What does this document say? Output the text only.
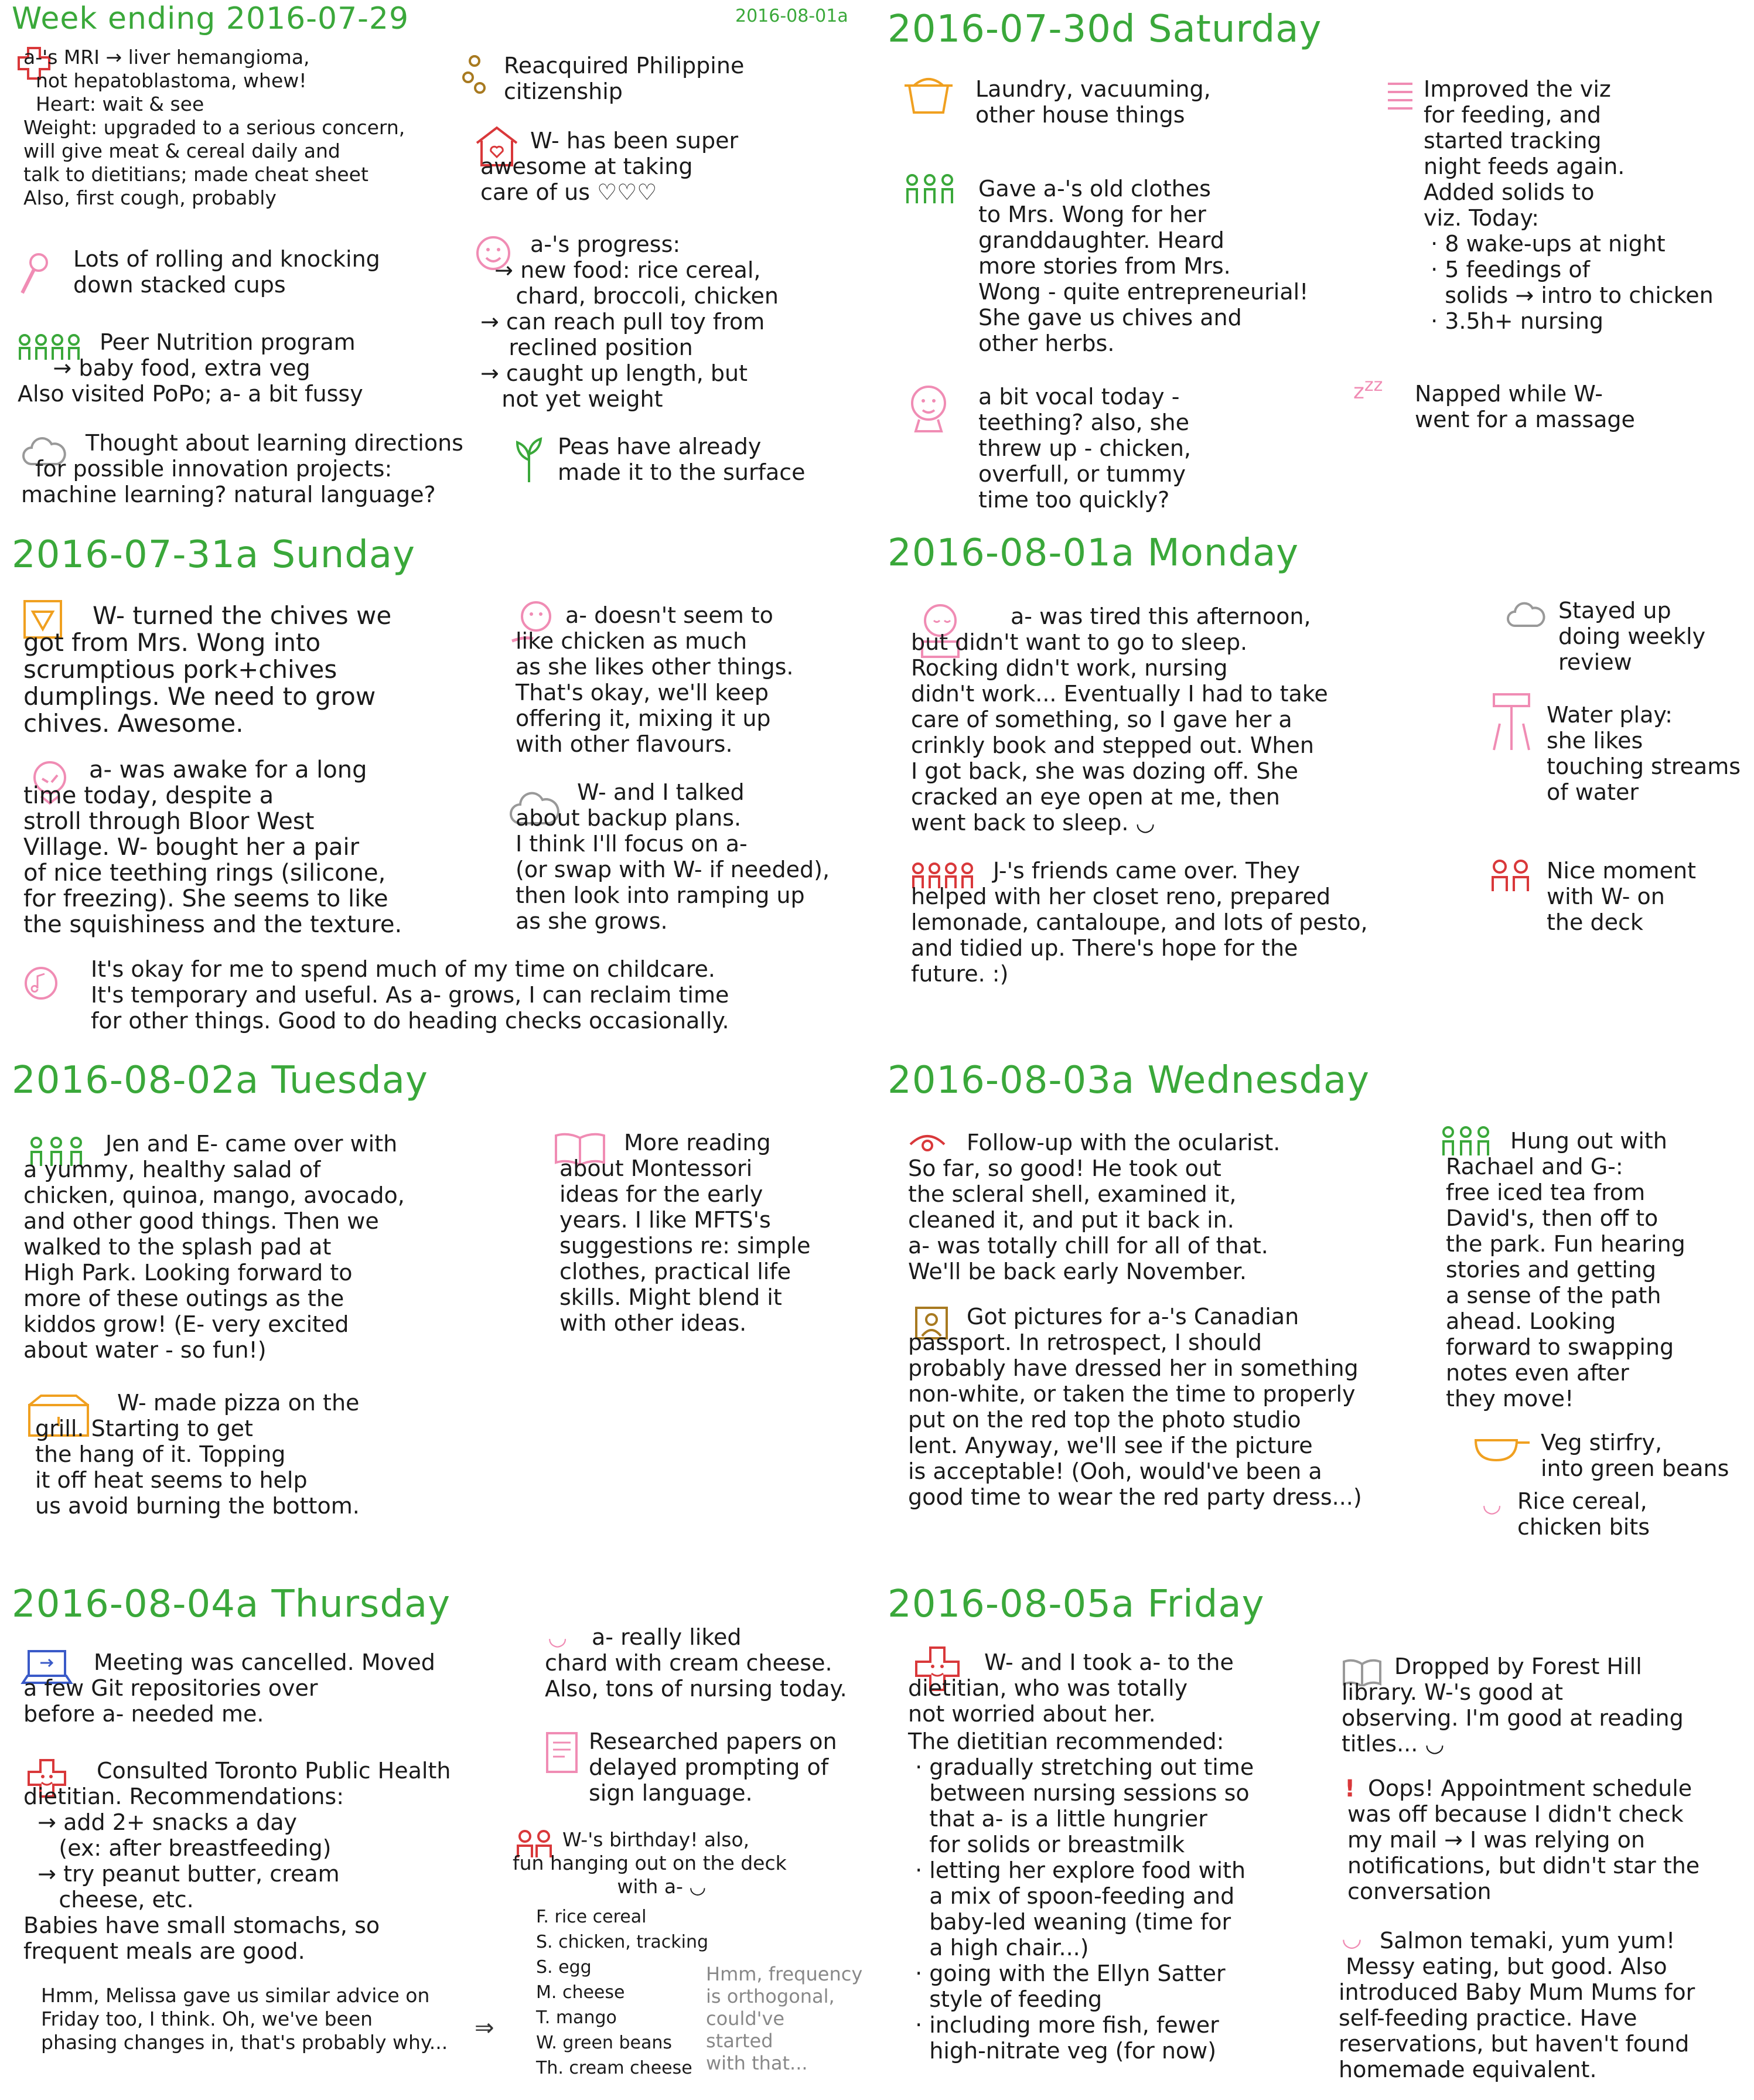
2016-08-01a
Week ending 2016-07-29
a-'s MRI → liver hemangioma,
not hepatoblastoma, whew!
Heart: wait & see
Weight: upgraded to a serious concern,
will give meat & cereal daily and
talk to dietitians; made cheat sheet
Also, first cough, probably
Lots of rolling and knocking
down stacked cups
Peer Nutrition program
→ baby food, extra veg
Also visited PoPo; a- a bit fussy
Thought about learning directions
for possible innovation projects:
machine learning? natural language?
Reacquired Philippine
citizenship
W- has been super
awesome at taking
care of us ♡♡♡
a-'s progress:
→ new food: rice cereal,
chard, broccoli, chicken
→ can reach pull toy from
reclined position
→ caught up length, but
not yet weight
Peas have already
made it to the surface
2016-07-30d Saturday
Laundry, vacuuming,
other house things
Gave a-'s old clothes
to Mrs. Wong for her
granddaughter. Heard
more stories from Mrs.
Wong - quite entrepreneurial!
She gave us chives and
other herbs.
a bit vocal today -
teething? also, she
threw up - chicken,
overfull, or tummy
time too quickly?
Improved the viz
for feeding, and
started tracking
night feeds again.
Added solids to
viz. Today:
· 8 wake-ups at night
· 5 feedings of
solids → intro to chicken
· 3.5h+ nursing
$z^{zz}$ Napped while W-
went for a massage
2016-07-31a Sunday
W- turned the chives we
got from Mrs. Wong into
scrumptious pork+chives
dumplings. We need to grow
chives. Awesome.
a- was awake for a long
time today, despite a
stroll through Bloor West
Village. W- bought her a pair
of nice teething rings (silicone,
for freezing). She seems to like
the squishiness and the texture.
a- doesn't seem to
like chicken as much
as she likes other things.
That's okay, we'll keep
offering it, mixing it up
with other flavours.
W- and I talked
about backup plans.
I think I'll focus on a-
(or swap with W- if needed),
then look into ramping up
as she grows.
It's okay for me to spend much of my time on childcare.
It's temporary and useful. As a- grows, I can reclaim time
for other things. Good to do heading checks occasionally.
2016-08-01a Monday
a- was tired this afternoon,
but didn't want to go to sleep.
Rocking didn't work, nursing
didn't work... Eventually I had to take
care of something, so I gave her a
crinkly book and stepped out. When
I got back, she was dozing off. She
cracked an eye open at me, then
went back to sleep. ◡
J-'s friends came over. They
helped with her closet reno, prepared
lemonade, cantaloupe, and lots of pesto,
and tidied up. There's hope for the
future. :)
Stayed up
doing weekly
review
Water play:
she likes
touching streams
of water
Nice moment
with W- on
the deck
2016-08-02a Tuesday
Jen and E- came over with
a yummy, healthy salad of
chicken, quinoa, mango, avocado,
and other good things. Then we
walked to the splash pad at
High Park. Looking forward to
more of these outings as the
kiddos grow! (E- very excited
about water - so fun!)
W- made pizza on the
grill. Starting to get
the hang of it. Topping
it off heat seems to help
us avoid burning the bottom.
More reading
about Montessori
ideas for the early
years. I like MFTS's
suggestions re: simple
clothes, practical life
skills. Might blend it
with other ideas.
2016-08-03a Wednesday
Follow-up with the ocularist.
So far, so good! He took out
the scleral shell, examined it,
cleaned it, and put it back in.
a- was totally chill for all of that.
We'll be back early November.
Got pictures for a-'s Canadian
passport. In retrospect, I should
probably have dressed her in something
non-white, or taken the time to properly
put on the red top the photo studio
lent. Anyway, we'll see if the picture
is acceptable! (Ooh, would've been a
good time to wear the red party dress...)
Hung out with
Rachael and G-:
free iced tea from
David's, then off to
the park. Fun hearing
stories and getting
a sense of the path
ahead. Looking
forward to swapping
notes even after
they move!
Veg stirfry,
into green beans
◡ Rice cereal,
chicken bits
2016-08-04a Thursday
Meeting was cancelled. Moved
a few Git repositories over
before a- needed me.
Consulted Toronto Public Health
dietitian. Recommendations:
→ add 2+ snacks a day
(ex: after breastfeeding)
→ try peanut butter, cream
cheese, etc.
Babies have small stomachs, so
frequent meals are good.
Hmm, Melissa gave us similar advice on
Friday too, I think. Oh, we've been
phasing changes in, that's probably why...
⇒
◡	a- really liked
chard with cream cheese.
Also, tons of nursing today.
Researched papers on
delayed prompting of
sign language.
W-'s birthday! also,
fun hanging out on the deck
with a- ◡
F. rice cereal
S. chicken, tracking
S. egg
M. cheese
T. mango
W. green beans
Th. cream cheese
Hmm, frequency
is orthogonal,
could've
started
with that...
2016-08-05a Friday
W- and I took a- to the
dietitian, who was totally
not worried about her.
The dietitian recommended:
· gradually stretching out time
between nursing sessions so
that a- is a little hungrier
for solids or breastmilk
· letting her explore food with
a mix of spoon-feeding and
baby-led weaning (time for
a high chair...)
· going with the Ellyn Satter
style of feeding
· including more fish, fewer
high-nitrate veg (for now)
Dropped by Forest Hill
library. W-'s good at
observing. I'm good at reading
titles... ◡
! Oops! Appointment schedule
was off because I didn't check
my mail → I was relying on
notifications, but didn't star the
conversation
◡ Salmon temaki, yum yum!
Messy eating, but good. Also
introduced Baby Mum Mums for
self-feeding practice. Have
reservations, but haven't found
homemade equivalent.
